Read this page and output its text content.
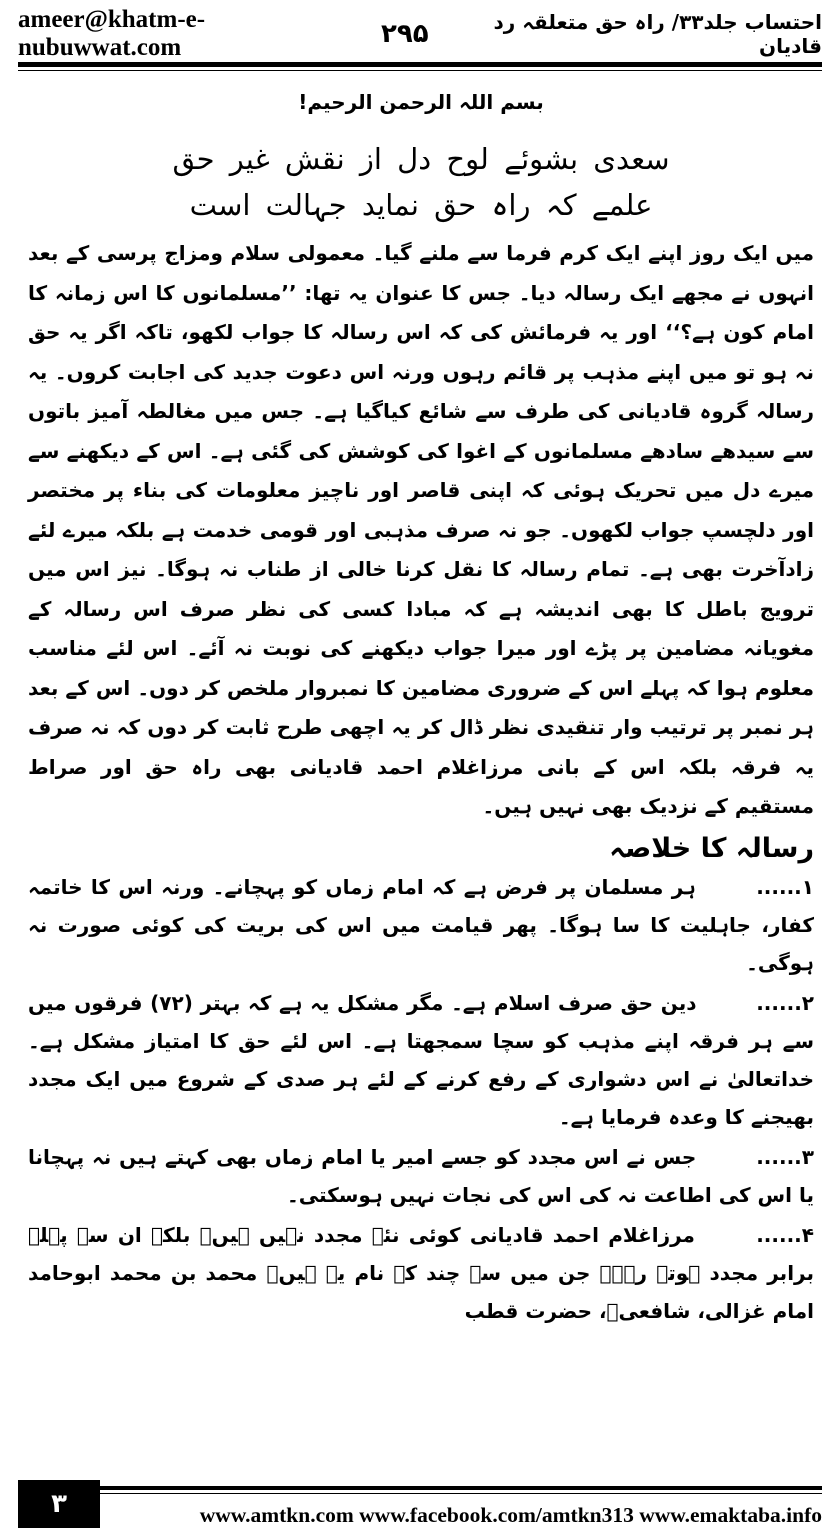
ameer@khatm-e-nubuwwat.com	۲۹۵	احتساب جلد۳۳/ راہ حق متعلقہ رد قادیان

بسم اللہ الرحمن الرحیم!

سعدی بشوئے لوح دل از نقش غیر حق

علمے کہ راہ حق نماید جہالت است

میں ایک روز اپنے ایک کرم فرما سے ملنے گیا۔ معمولی سلام ومزاج پرسی کے بعد انہوں نے مجھے ایک رسالہ دیا۔ جس کا عنوان یہ تھا: ’’مسلمانوں کا اس زمانہ کا امام کون ہے؟‘‘ اور یہ فرمائش کی کہ اس رسالہ کا جواب لکھو، تاکہ اگر یہ حق نہ ہو تو میں اپنے مذہب پر قائم رہوں ورنہ اس دعوت جدید کی اجابت کروں۔ یہ رسالہ گروہ قادیانی کی طرف سے شائع کیاگیا ہے۔ جس میں مغالطہ آمیز باتوں سے سیدھے سادھے مسلمانوں کے اغوا کی کوشش کی گئی ہے۔ اس کے دیکھنے سے میرے دل میں تحریک ہوئی کہ اپنی قاصر اور ناچیز معلومات کی بناء پر مختصر اور دلچسپ جواب لکھوں۔ جو نہ صرف مذہبی اور قومی خدمت ہے بلکہ میرے لئے زادآخرت بھی ہے۔ تمام رسالہ کا نقل کرنا خالی از طناب نہ ہوگا۔ نیز اس میں ترویج باطل کا بھی اندیشہ ہے کہ مبادا کسی کی نظر صرف اس رسالہ کے مغویانہ مضامین پر پڑے اور میرا جواب دیکھنے کی نوبت نہ آئے۔ اس لئے مناسب معلوم ہوا کہ پہلے اس کے ضروری مضامین کا نمبروار ملخص کر دوں۔ اس کے بعد ہر نمبر پر ترتیب وار تنقیدی نظر ڈال کر یہ اچھی طرح ثابت کر دوں کہ نہ صرف یہ فرقہ بلکہ اس کے بانی مرزاغلام احمد قادیانی بھی راہ حق اور صراط مستقیم کے نزدیک بھی نہیں ہیں۔

رسالہ کا خلاصہ

۱...... ہر مسلمان پر فرض ہے کہ امام زماں کو پہچانے۔ ورنہ اس کا خاتمہ کفار، جاہلیت کا سا ہوگا۔ پھر قیامت میں اس کی بریت کی کوئی صورت نہ ہوگی۔

۲...... دین حق صرف اسلام ہے۔ مگر مشکل یہ ہے کہ بہتر (۷۲) فرقوں میں سے ہر فرقہ اپنے مذہب کو سچا سمجھتا ہے۔ اس لئے حق کا امتیاز مشکل ہے۔ خداتعالیٰ نے اس دشواری کے رفع کرنے کے لئے ہر صدی کے شروع میں ایک مجدد بھیجنے کا وعدہ فرمایا ہے۔

۳...... جس نے اس مجدد کو جسے امیر یا امام زماں بھی کہتے ہیں نہ پہچانا یا اس کی اطاعت نہ کی اس کی نجات نہیں ہوسکتی۔

۴...... مرزاغلام احمد قادیانی کوئی نئے مجدد نہیں ہیں۔ بلکہ ان سے پہلے برابر مجدد ہوتے رہے۔ جن میں سے چند کے نام یہ ہیں۔ محمد بن محمد ابوحامد امام غزالی، شافعیؒ، حضرت قطب

۳	www.amtkn.com www.facebook.com/amtkn313 www.emaktaba.info
